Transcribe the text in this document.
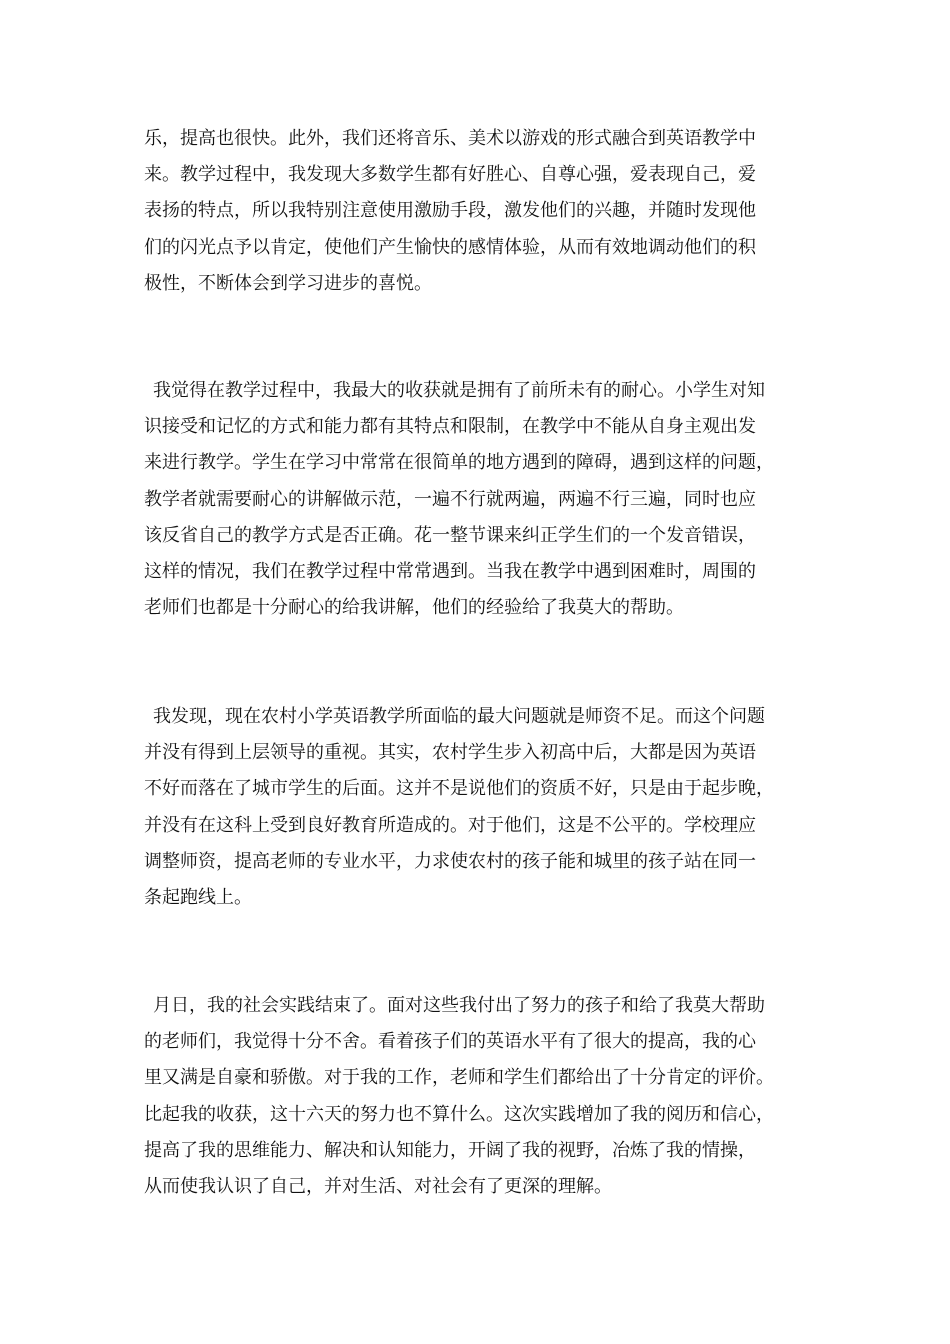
乐，提高也很快。此外，我们还将音乐、美术以游戏的形式融合到英语教学中
来。教学过程中，我发现大多数学生都有好胜心、自尊心强，爱表现自己，爱
表扬的特点，所以我特别注意使用激励手段，激发他们的兴趣，并随时发现他
们的闪光点予以肯定，使他们产生愉快的感情体验，从而有效地调动他们的积
极性，不断体会到学习进步的喜悦。
我觉得在教学过程中，我最大的收获就是拥有了前所未有的耐心。小学生对知
识接受和记忆的方式和能力都有其特点和限制，在教学中不能从自身主观出发
来进行教学。学生在学习中常常在很简单的地方遇到的障碍，遇到这样的问题，
教学者就需要耐心的讲解做示范，一遍不行就两遍，两遍不行三遍，同时也应
该反省自己的教学方式是否正确。花一整节课来纠正学生们的一个发音错误，
这样的情况，我们在教学过程中常常遇到。当我在教学中遇到困难时，周围的
老师们也都是十分耐心的给我讲解，他们的经验给了我莫大的帮助。
我发现，现在农村小学英语教学所面临的最大问题就是师资不足。而这个问题
并没有得到上层领导的重视。其实，农村学生步入初高中后，大都是因为英语
不好而落在了城市学生的后面。这并不是说他们的资质不好，只是由于起步晚，
并没有在这科上受到良好教育所造成的。对于他们，这是不公平的。学校理应
调整师资，提高老师的专业水平，力求使农村的孩子能和城里的孩子站在同一
条起跑线上。
月日，我的社会实践结束了。面对这些我付出了努力的孩子和给了我莫大帮助
的老师们，我觉得十分不舍。看着孩子们的英语水平有了很大的提高，我的心
里又满是自豪和骄傲。对于我的工作，老师和学生们都给出了十分肯定的评价。
比起我的收获，这十六天的努力也不算什么。这次实践增加了我的阅历和信心，
提高了我的思维能力、解决和认知能力，开阔了我的视野，冶炼了我的情操，
从而使我认识了自己，并对生活、对社会有了更深的理解。
